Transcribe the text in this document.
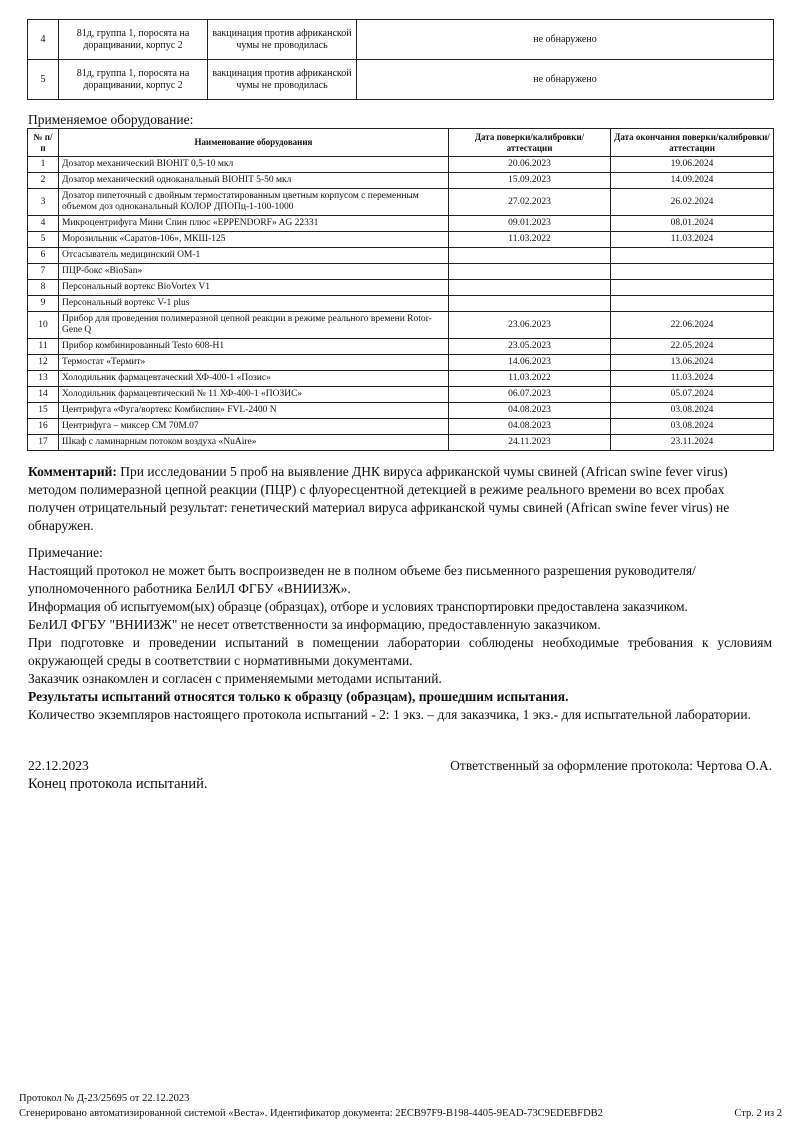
4	81д, группа 1, поросята на доращивании, корпус 2	вакцинация против африканской чумы не проводилась	не обнаружено
5	81д, группа 1, поросята на доращивании, корпус 2	вакцинация против африканской чумы не проводилась	не обнаружено
Применяемое оборудование:
№ п/п	Наименование оборудования	Дата поверки/калибровки/аттестации	Дата окончания поверки/калибровки/аттестации
1	Дозатор механический BIOHIT 0,5-10 мкл	20.06.2023	19.06.2024
2	Дозатор механический одноканальный BIOHIT 5-50 мкл	15.09.2023	14.09.2024
3	Дозатор пипеточный с двойным термостатированным цветным корпусом с переменным объемом доз одноканальный КОЛОР ДПОПц-1-100-1000	27.02.2023	26.02.2024
4	Микроцентрифуга Мини Спин плюс «EPPENDORF» AG 22331	09.01.2023	08.01.2024
5	Морозильник «Саратов-106», МКШ-125	11.03.2022	11.03.2024
6	Отсасыватель медицинский ОМ-1		
7	ПЦР-бокс «BioSan»		
8	Персональный вортекс BioVortex V1		
9	Персональный вортекс V-1 plus		
10	Прибор для проведения полимеразной цепной реакции в режиме реального времени Rotor-Gene Q	23.06.2023	22.06.2024
11	Прибор комбинированный Testo 608-H1	23.05.2023	22.05.2024
12	Термостат «Термит»	14.06.2023	13.06.2024
13	Холодильник фармацевтачеcкий ХФ-400-1 «Позис»	11.03.2022	11.03.2024
14	Холодильник фармацевтический № 11 ХФ-400-1 «ПОЗИС»	06.07.2023	05.07.2024
15	Центрифуга «Фуга/вортекс Комбиспин» FVL-2400 N	04.08.2023	03.08.2024
16	Центрифуга – миксер СМ 70М.07	04.08.2023	03.08.2024
17	Шкаф с ламинарным потоком воздуха «NuAire»	24.11.2023	23.11.2024
Комментарий: При исследовании 5 проб на выявление ДНК вируса африканской чумы свиней (African swine fever virus) методом полимеразной цепной реакции (ПЦР) с флуоресцентной детекцией в режиме реального времени во всех пробах получен отрицательный результат: генетический материал вируса африканской чумы свиней (African swine fever virus) не обнаружен.
Примечание:
Настоящий протокол не может быть воспроизведен не в полном объеме без письменного разрешения руководителя/уполномоченного работника БелИЛ ФГБУ «ВНИИЗЖ».
Информация об испытуемом(ых) образце (образцах), отборе и условиях транспортировки предоставлена заказчиком.
БелИЛ ФГБУ "ВНИИЗЖ" не несет ответственности за информацию, предоставленную заказчиком.
При подготовке и проведении испытаний в помещении лаборатории соблюдены необходимые требования к условиям окружающей среды в соответствии с нормативными документами.
Заказчик ознакомлен и согласен с применяемыми методами испытаний.
Результаты испытаний относятся только к образцу (образцам), прошедшим испытания.
Количество экземпляров настоящего протокола испытаний - 2: 1 экз. – для заказчика, 1 экз.- для испытательной лаборатории.
22.12.2023	Ответственный за оформление протокола: Чертова О.А.
Конец протокола испытаний.
Протокол № Д-23/25695 от 22.12.2023
Сгенерировано автоматизированной системой «Веста». Идентификатор документа: 2ECB97F9-B198-4405-9EAD-73C9EDEBFDB2	Стр. 2 из 2
